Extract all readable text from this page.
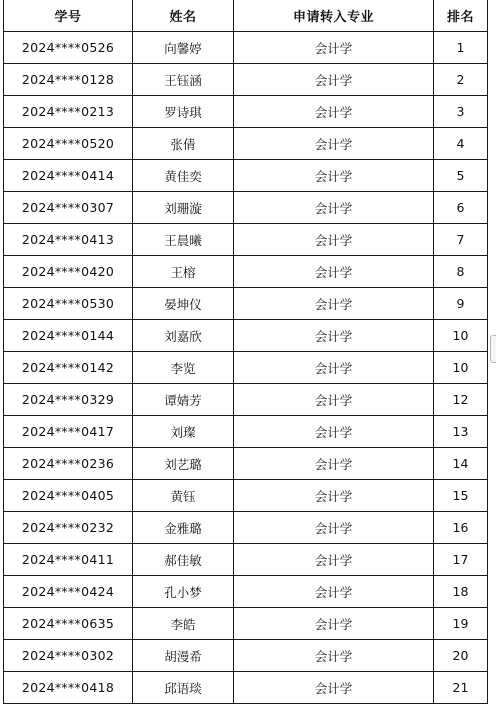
学号	姓名	申请转入专业	排名
2024****0526	向馨婷	会计学	1
2024****0128	王钰涵	会计学	2
2024****0213	罗诗琪	会计学	3
2024****0520	张倩	会计学	4
2024****0414	黄佳奕	会计学	5
2024****0307	刘珊漩	会计学	6
2024****0413	王晨曦	会计学	7
2024****0420	王榕	会计学	8
2024****0530	晏坤仪	会计学	9
2024****0144	刘嘉欣	会计学	10
2024****0142	李览	会计学	10
2024****0329	谭婧芳	会计学	12
2024****0417	刘璨	会计学	13
2024****0236	刘艺璐	会计学	14
2024****0405	黄钰	会计学	15
2024****0232	金雅璐	会计学	16
2024****0411	郝佳敏	会计学	17
2024****0424	孔小梦	会计学	18
2024****0635	李皓	会计学	19
2024****0302	胡漫希	会计学	20
2024****0418	邱语琰	会计学	21
